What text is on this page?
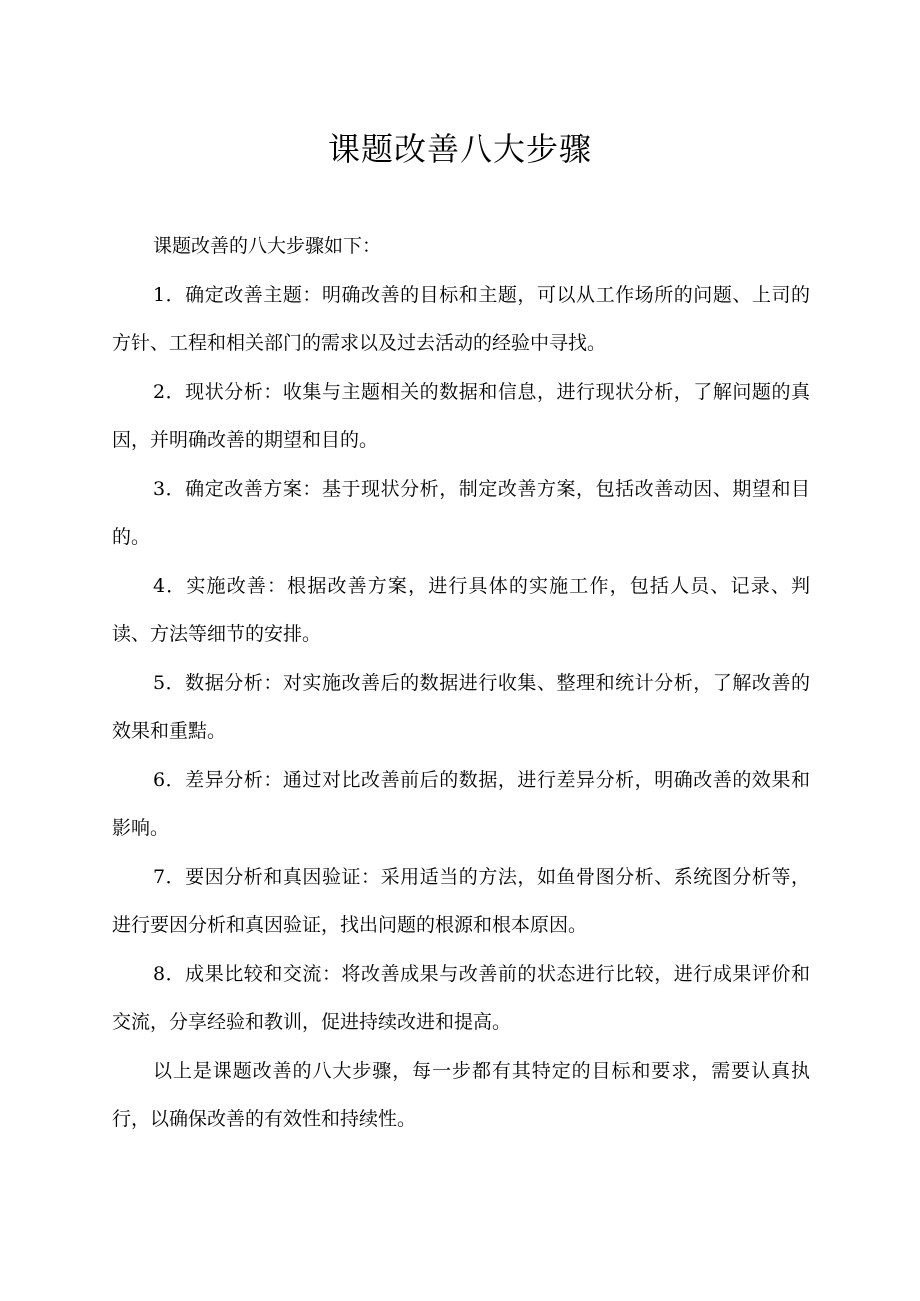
课题改善八大步骤

课题改善的八大步骤如下：

1．确定改善主题：明确改善的目标和主题，可以从工作场所的问题、上司的方针、工程和相关部门的需求以及过去活动的经验中寻找。

2．现状分析：收集与主题相关的数据和信息，进行现状分析，了解问题的真因，并明确改善的期望和目的。

3．确定改善方案：基于现状分析，制定改善方案，包括改善动因、期望和目的。

4．实施改善：根据改善方案，进行具体的实施工作，包括人员、记录、判读、方法等细节的安排。

5．数据分析：对实施改善后的数据进行收集、整理和统计分析，了解改善的效果和重黠。

6．差异分析：通过对比改善前后的数据，进行差异分析，明确改善的效果和影响。

7．要因分析和真因验证：采用适当的方法，如鱼骨图分析、系统图分析等，进行要因分析和真因验证，找出问题的根源和根本原因。

8．成果比较和交流：将改善成果与改善前的状态进行比较，进行成果评价和交流，分享经验和教训，促进持续改进和提高。

以上是课题改善的八大步骤，每一步都有其特定的目标和要求，需要认真执行，以确保改善的有效性和持续性。
